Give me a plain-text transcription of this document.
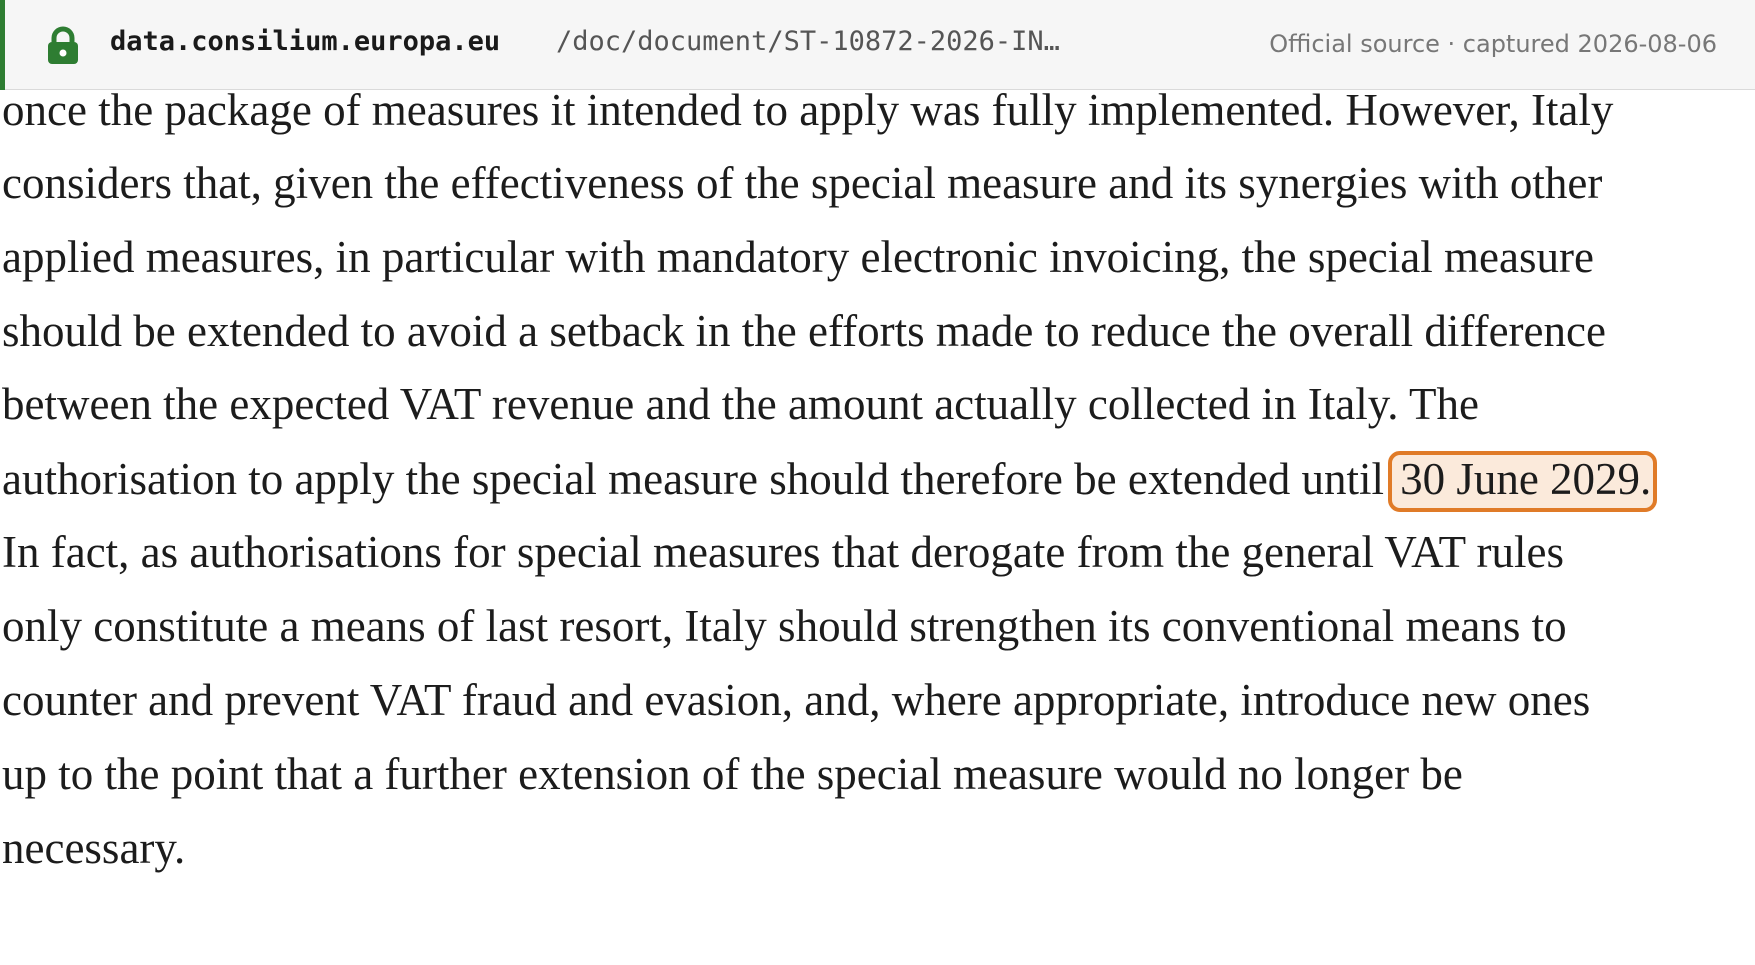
data.consilium.europa.eu /doc/document/ST-10872-2026-IN…	Official source · captured 2026-08-06
once the package of measures it intended to apply was fully implemented. However, Italy
considers that, given the effectiveness of the special measure and its synergies with other
applied measures, in particular with mandatory electronic invoicing, the special measure
should be extended to avoid a setback in the efforts made to reduce the overall difference
between the expected VAT revenue and the amount actually collected in Italy. The
authorisation to apply the special measure should therefore be extended until 30 June 2029.
In fact, as authorisations for special measures that derogate from the general VAT rules
only constitute a means of last resort, Italy should strengthen its conventional means to
counter and prevent VAT fraud and evasion, and, where appropriate, introduce new ones
up to the point that a further extension of the special measure would no longer be
necessary.
